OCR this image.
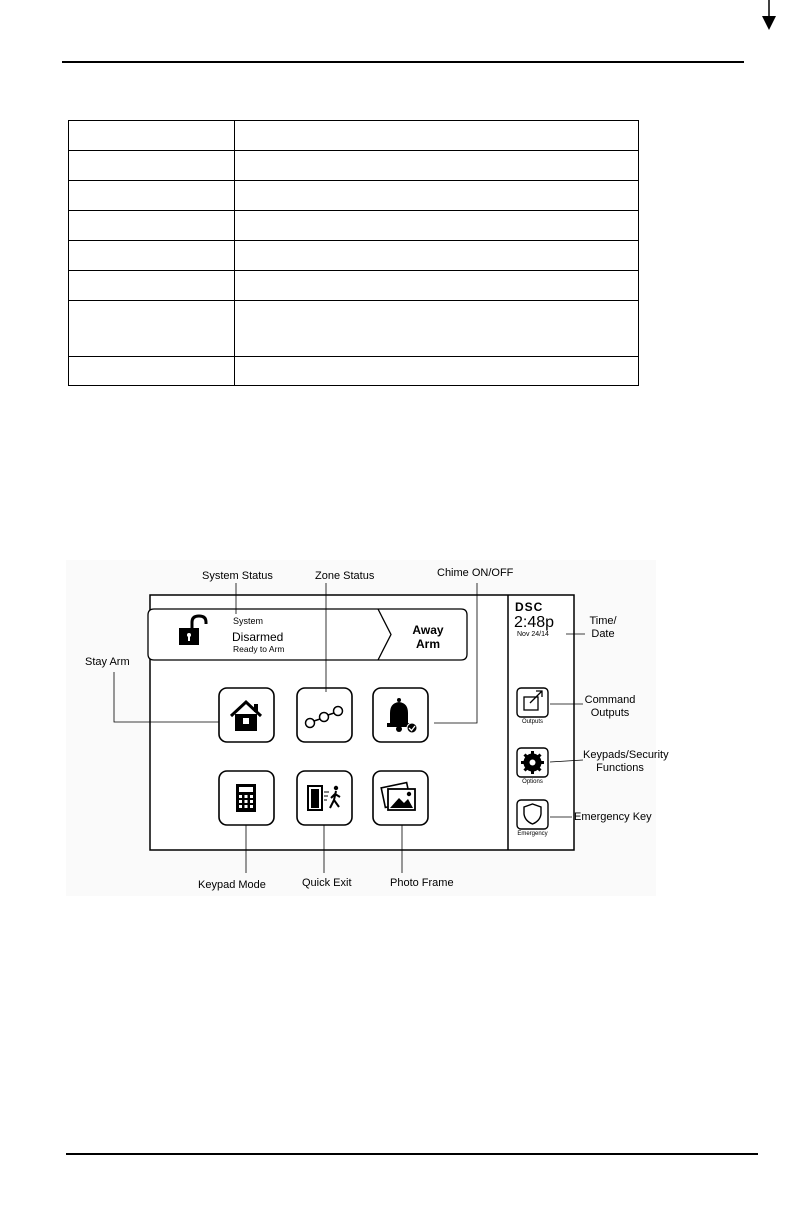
System
Disarmed
Ready to Arm
Away
Arm
DSC
2:48p
Nov 24/14
Outputs
Options
Emergency
System Status	Zone Status	Chime ON/OFF
Stay Arm
Time/
Date
Command
Outputs
Keypads/Security
Functions
Emergency Key
Keypad Mode	Quick Exit	Photo Frame
